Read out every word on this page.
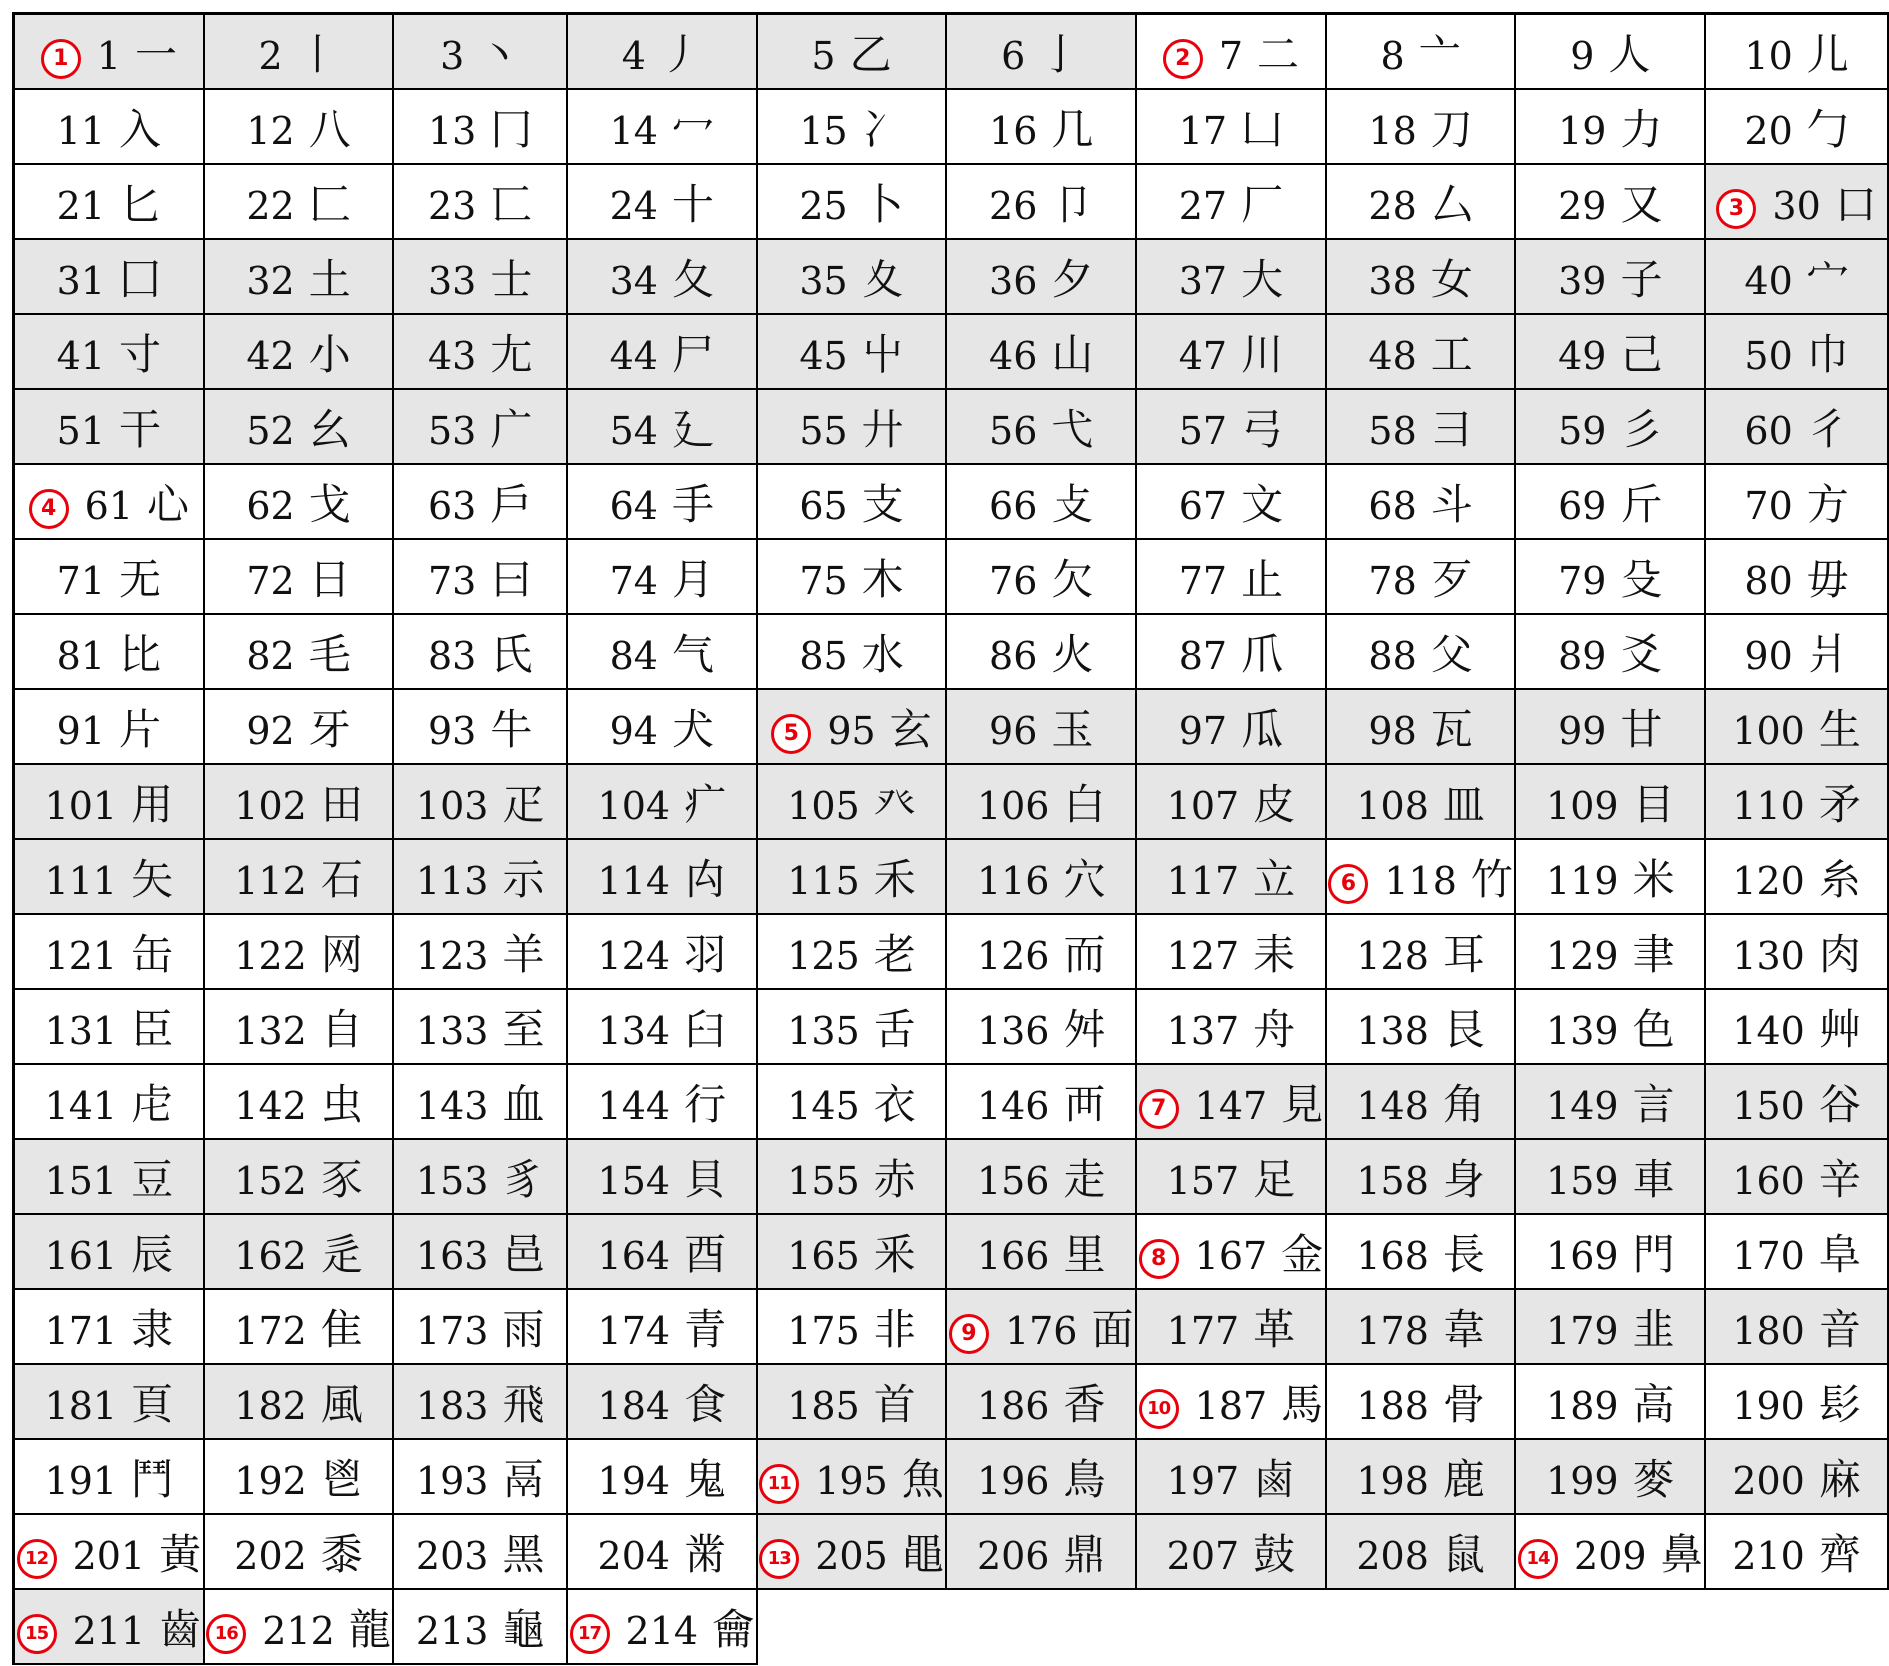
1 1 一	2 丨	3 丶	4 丿	5 乙	6 亅	2 7 二	8 亠	9 人	10 儿
11 入	12 八	13 冂	14 冖	15 冫	16 几	17 凵	18 刀	19 力	20 勹
21 匕	22 匚	23 匸	24 十	25 卜	26 卩	27 厂	28 厶	29 又	3 30 口
31 囗	32 土	33 士	34 夂	35 夊	36 夕	37 大	38 女	39 子	40 宀
41 寸	42 小	43 尢	44 尸	45 屮	46 山	47 川	48 工	49 己	50 巾
51 干	52 幺	53 广	54 廴	55 廾	56 弋	57 弓	58 彐	59 彡	60 彳
4 61 心	62 戈	63 戶	64 手	65 支	66 攴	67 文	68 斗	69 斤	70 方
71 无	72 日	73 曰	74 月	75 木	76 欠	77 止	78 歹	79 殳	80 毋
81 比	82 毛	83 氏	84 气	85 水	86 火	87 爪	88 父	89 爻	90 爿
91 片	92 牙	93 牛	94 犬	5 95 玄	96 玉	97 瓜	98 瓦	99 甘	100 生
101 用	102 田	103 疋	104 疒	105 癶	106 白	107 皮	108 皿	109 目	110 矛
111 矢	112 石	113 示	114 禸	115 禾	116 穴	117 立	6 118 竹	119 米	120 糸
121 缶	122 网	123 羊	124 羽	125 老	126 而	127 耒	128 耳	129 聿	130 肉
131 臣	132 自	133 至	134 臼	135 舌	136 舛	137 舟	138 艮	139 色	140 艸
141 虍	142 虫	143 血	144 行	145 衣	146 襾	7 147 見	148 角	149 言	150 谷
151 豆	152 豕	153 豸	154 貝	155 赤	156 走	157 足	158 身	159 車	160 辛
161 辰	162 辵	163 邑	164 酉	165 釆	166 里	8 167 金	168 長	169 門	170 阜
171 隶	172 隹	173 雨	174 青	175 非	9 176 面	177 革	178 韋	179 韭	180 音
181 頁	182 風	183 飛	184 食	185 首	186 香	10 187 馬	188 骨	189 高	190 髟
191 鬥	192 鬯	193 鬲	194 鬼	11 195 魚	196 鳥	197 鹵	198 鹿	199 麥	200 麻
12 201 黃	202 黍	203 黑	204 黹	13 205 黽	206 鼎	207 鼓	208 鼠	14 209 鼻	210 齊
15 211 齒	16 212 龍	213 龜	17 214 龠						
